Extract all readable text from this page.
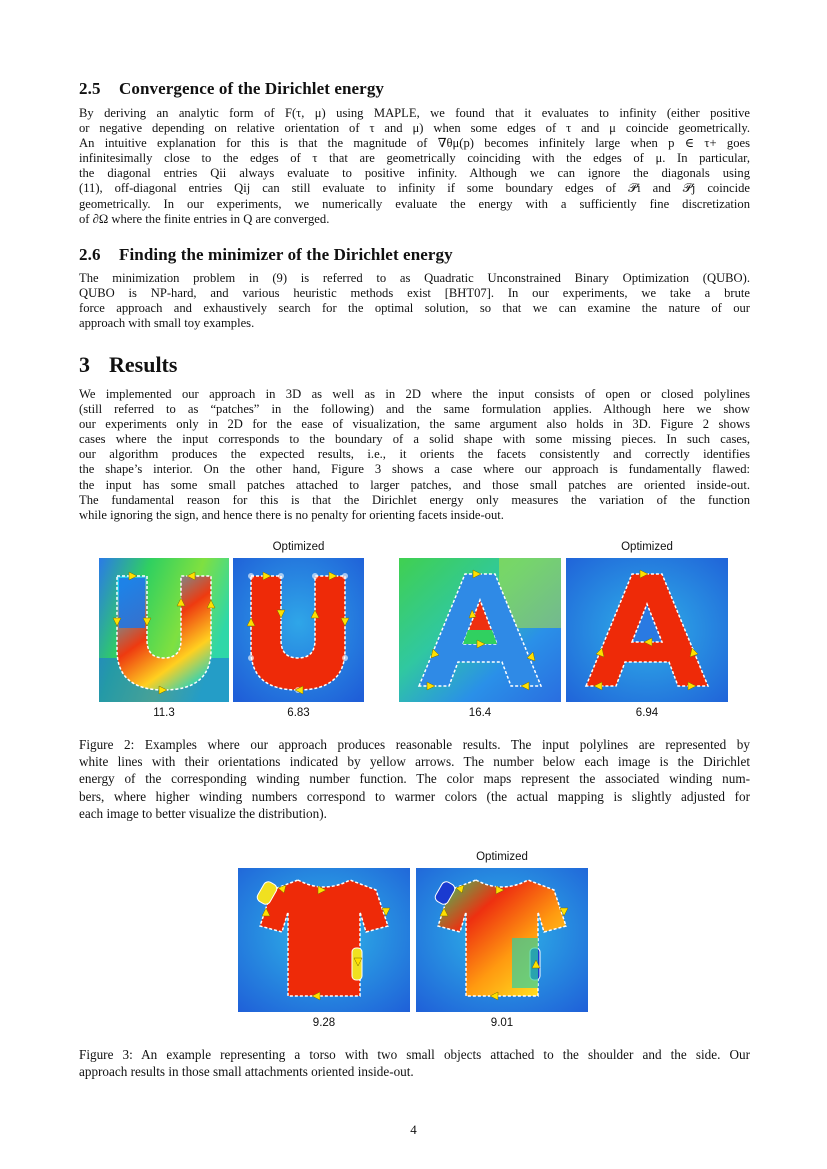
2.5 Convergence of the Dirichlet energy
By deriving an analytic form of F(τ, μ) using MAPLE, we found that it evaluates to infinity (either positive
or negative depending on relative orientation of τ and μ) when some edges of τ and μ coincide geometrically.
An intuitive explanation for this is that the magnitude of ∇θμ(p) becomes infinitely large when p ∈ τ+ goes
infinitesimally close to the edges of τ that are geometrically coinciding with the edges of μ. In particular,
the diagonal entries Qii always evaluate to positive infinity. Although we can ignore the diagonals using
(11), off-diagonal entries Qij can still evaluate to infinity if some boundary edges of 𝒫i and 𝒫j coincide
geometrically. In our experiments, we numerically evaluate the energy with a sufficiently fine discretization
of ∂Ω where the finite entries in Q are converged.
2.6 Finding the minimizer of the Dirichlet energy
The minimization problem in (9) is referred to as Quadratic Unconstrained Binary Optimization (QUBO).
QUBO is NP-hard, and various heuristic methods exist [BHT07]. In our experiments, we take a brute
force approach and exhaustively search for the optimal solution, so that we can examine the nature of our
approach with small toy examples.
3 Results
We implemented our approach in 3D as well as in 2D where the input consists of open or closed polylines
(still referred to as “patches” in the following) and the same formulation applies. Although here we show
our experiments only in 2D for the ease of visualization, the same argument also holds in 3D. Figure 2 shows
cases where the input corresponds to the boundary of a solid shape with some missing pieces. In such cases,
our algorithm produces the expected results, i.e., it orients the facets consistently and correctly identifies
the shape’s interior. On the other hand, Figure 3 shows a case where our approach is fundamentally flawed:
the input has some small patches attached to larger patches, and those small patches are oriented inside-out.
The fundamental reason for this is that the Dirichlet energy only measures the variation of the function
while ignoring the sign, and hence there is no penalty for orienting facets inside-out.
Optimized	Optimized
11.3	6.83	16.4	6.94
Figure 2: Examples where our approach produces reasonable results. The input polylines are represented by
white lines with their orientations indicated by yellow arrows. The number below each image is the Dirichlet
energy of the corresponding winding number function. The color maps represent the associated winding num-
bers, where higher winding numbers correspond to warmer colors (the actual mapping is slightly adjusted for
each image to better visualize the distribution).
Optimized
9.28	9.01
Figure 3: An example representing a torso with two small objects attached to the shoulder and the side. Our
approach results in those small attachments oriented inside-out.
4
